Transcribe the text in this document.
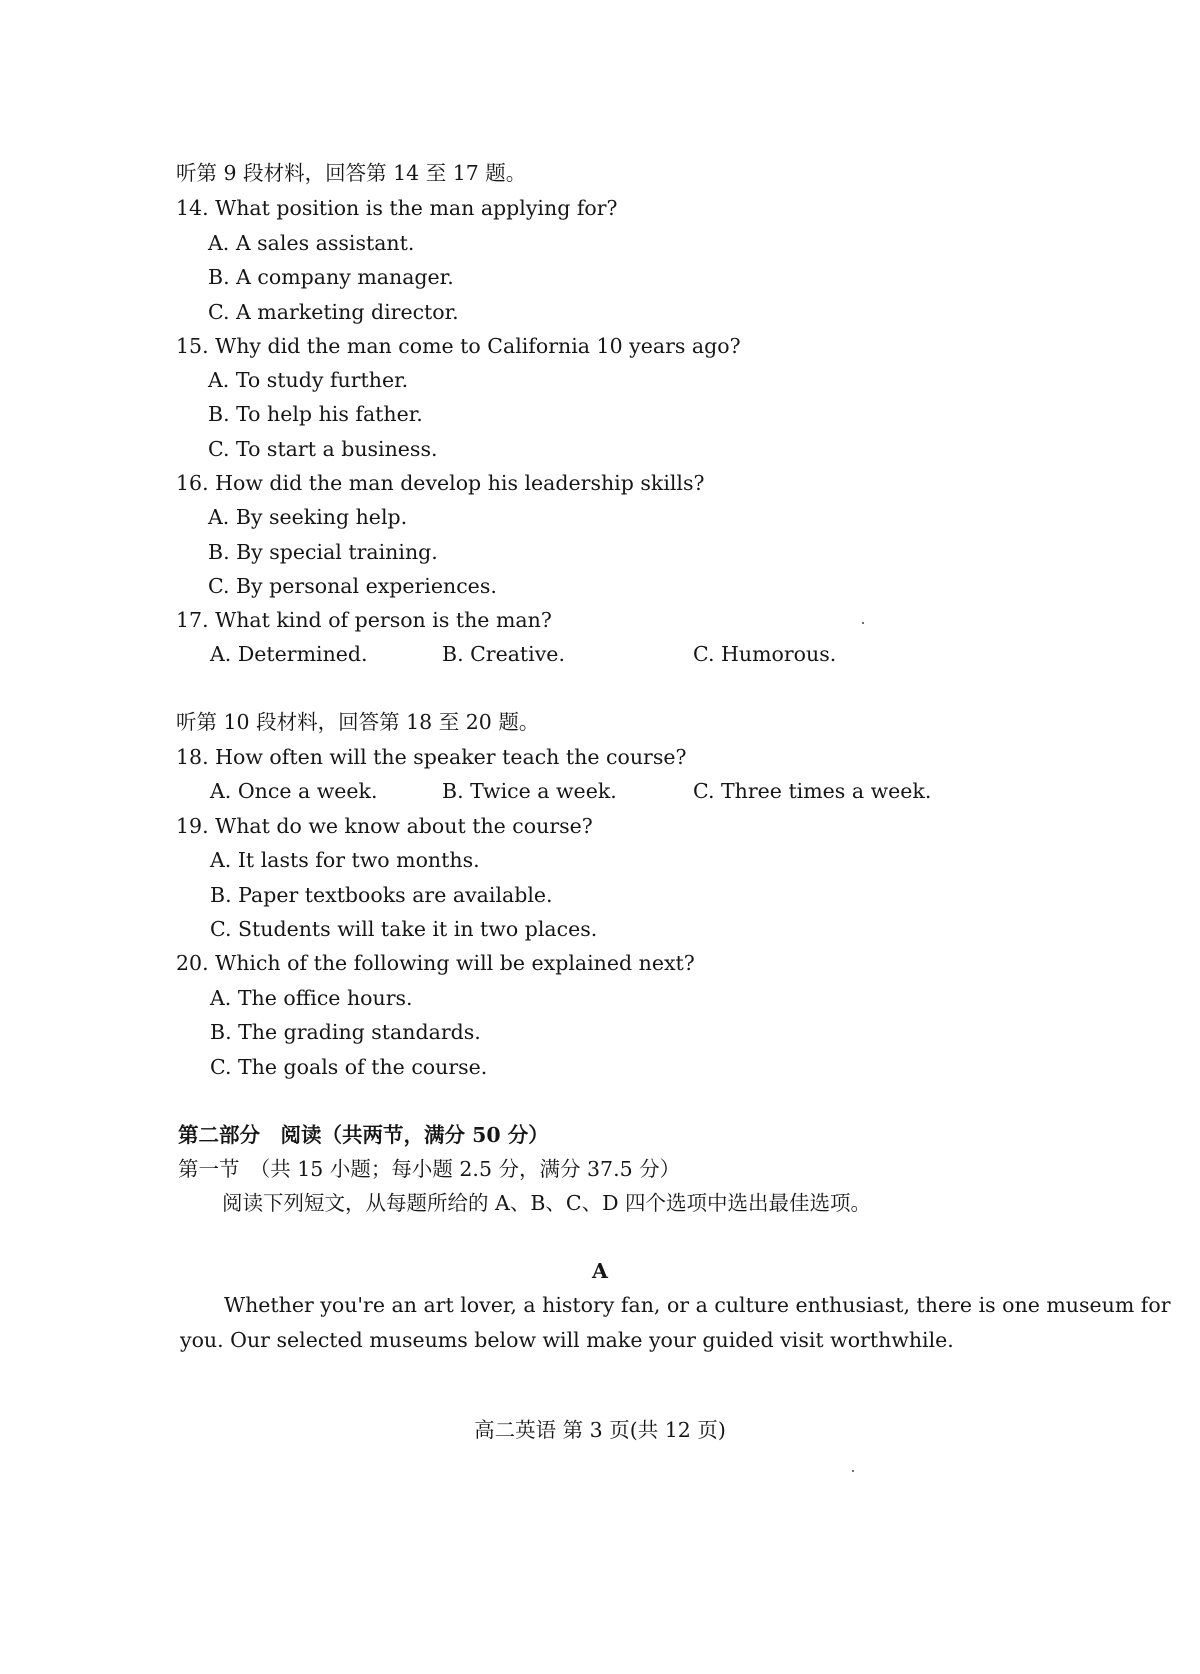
听第 9 段材料，回答第 14 至 17 题。
14. What position is the man applying for?
A. A sales assistant.
B. A company manager.
C. A marketing director.
15. Why did the man come to California 10 years ago?
A. To study further.
B. To help his father.
C. To start a business.
16. How did the man develop his leadership skills?
A. By seeking help.
B. By special training.
C. By personal experiences.
17. What kind of person is the man?
A. Determined.	B. Creative.	C. Humorous.
听第 10 段材料，回答第 18 至 20 题。
18. How often will the speaker teach the course?
A. Once a week.	B. Twice a week.	C. Three times a week.
19. What do we know about the course?
A. It lasts for two months.
B. Paper textbooks are available.
C. Students will take it in two places.
20. Which of the following will be explained next?
A. The office hours.
B. The grading standards.
C. The goals of the course.
第二部分　阅读（共两节，满分 50 分）
第一节　（共 15 小题；每小题 2.5 分，满分 37.5 分）
阅读下列短文，从每题所给的 A、B、C、D 四个选项中选出最佳选项。
A
Whether you're an art lover, a history fan, or a culture enthusiast, there is one museum for
you. Our selected museums below will make your guided visit worthwhile.
高二英语 第 3 页(共 12 页)
